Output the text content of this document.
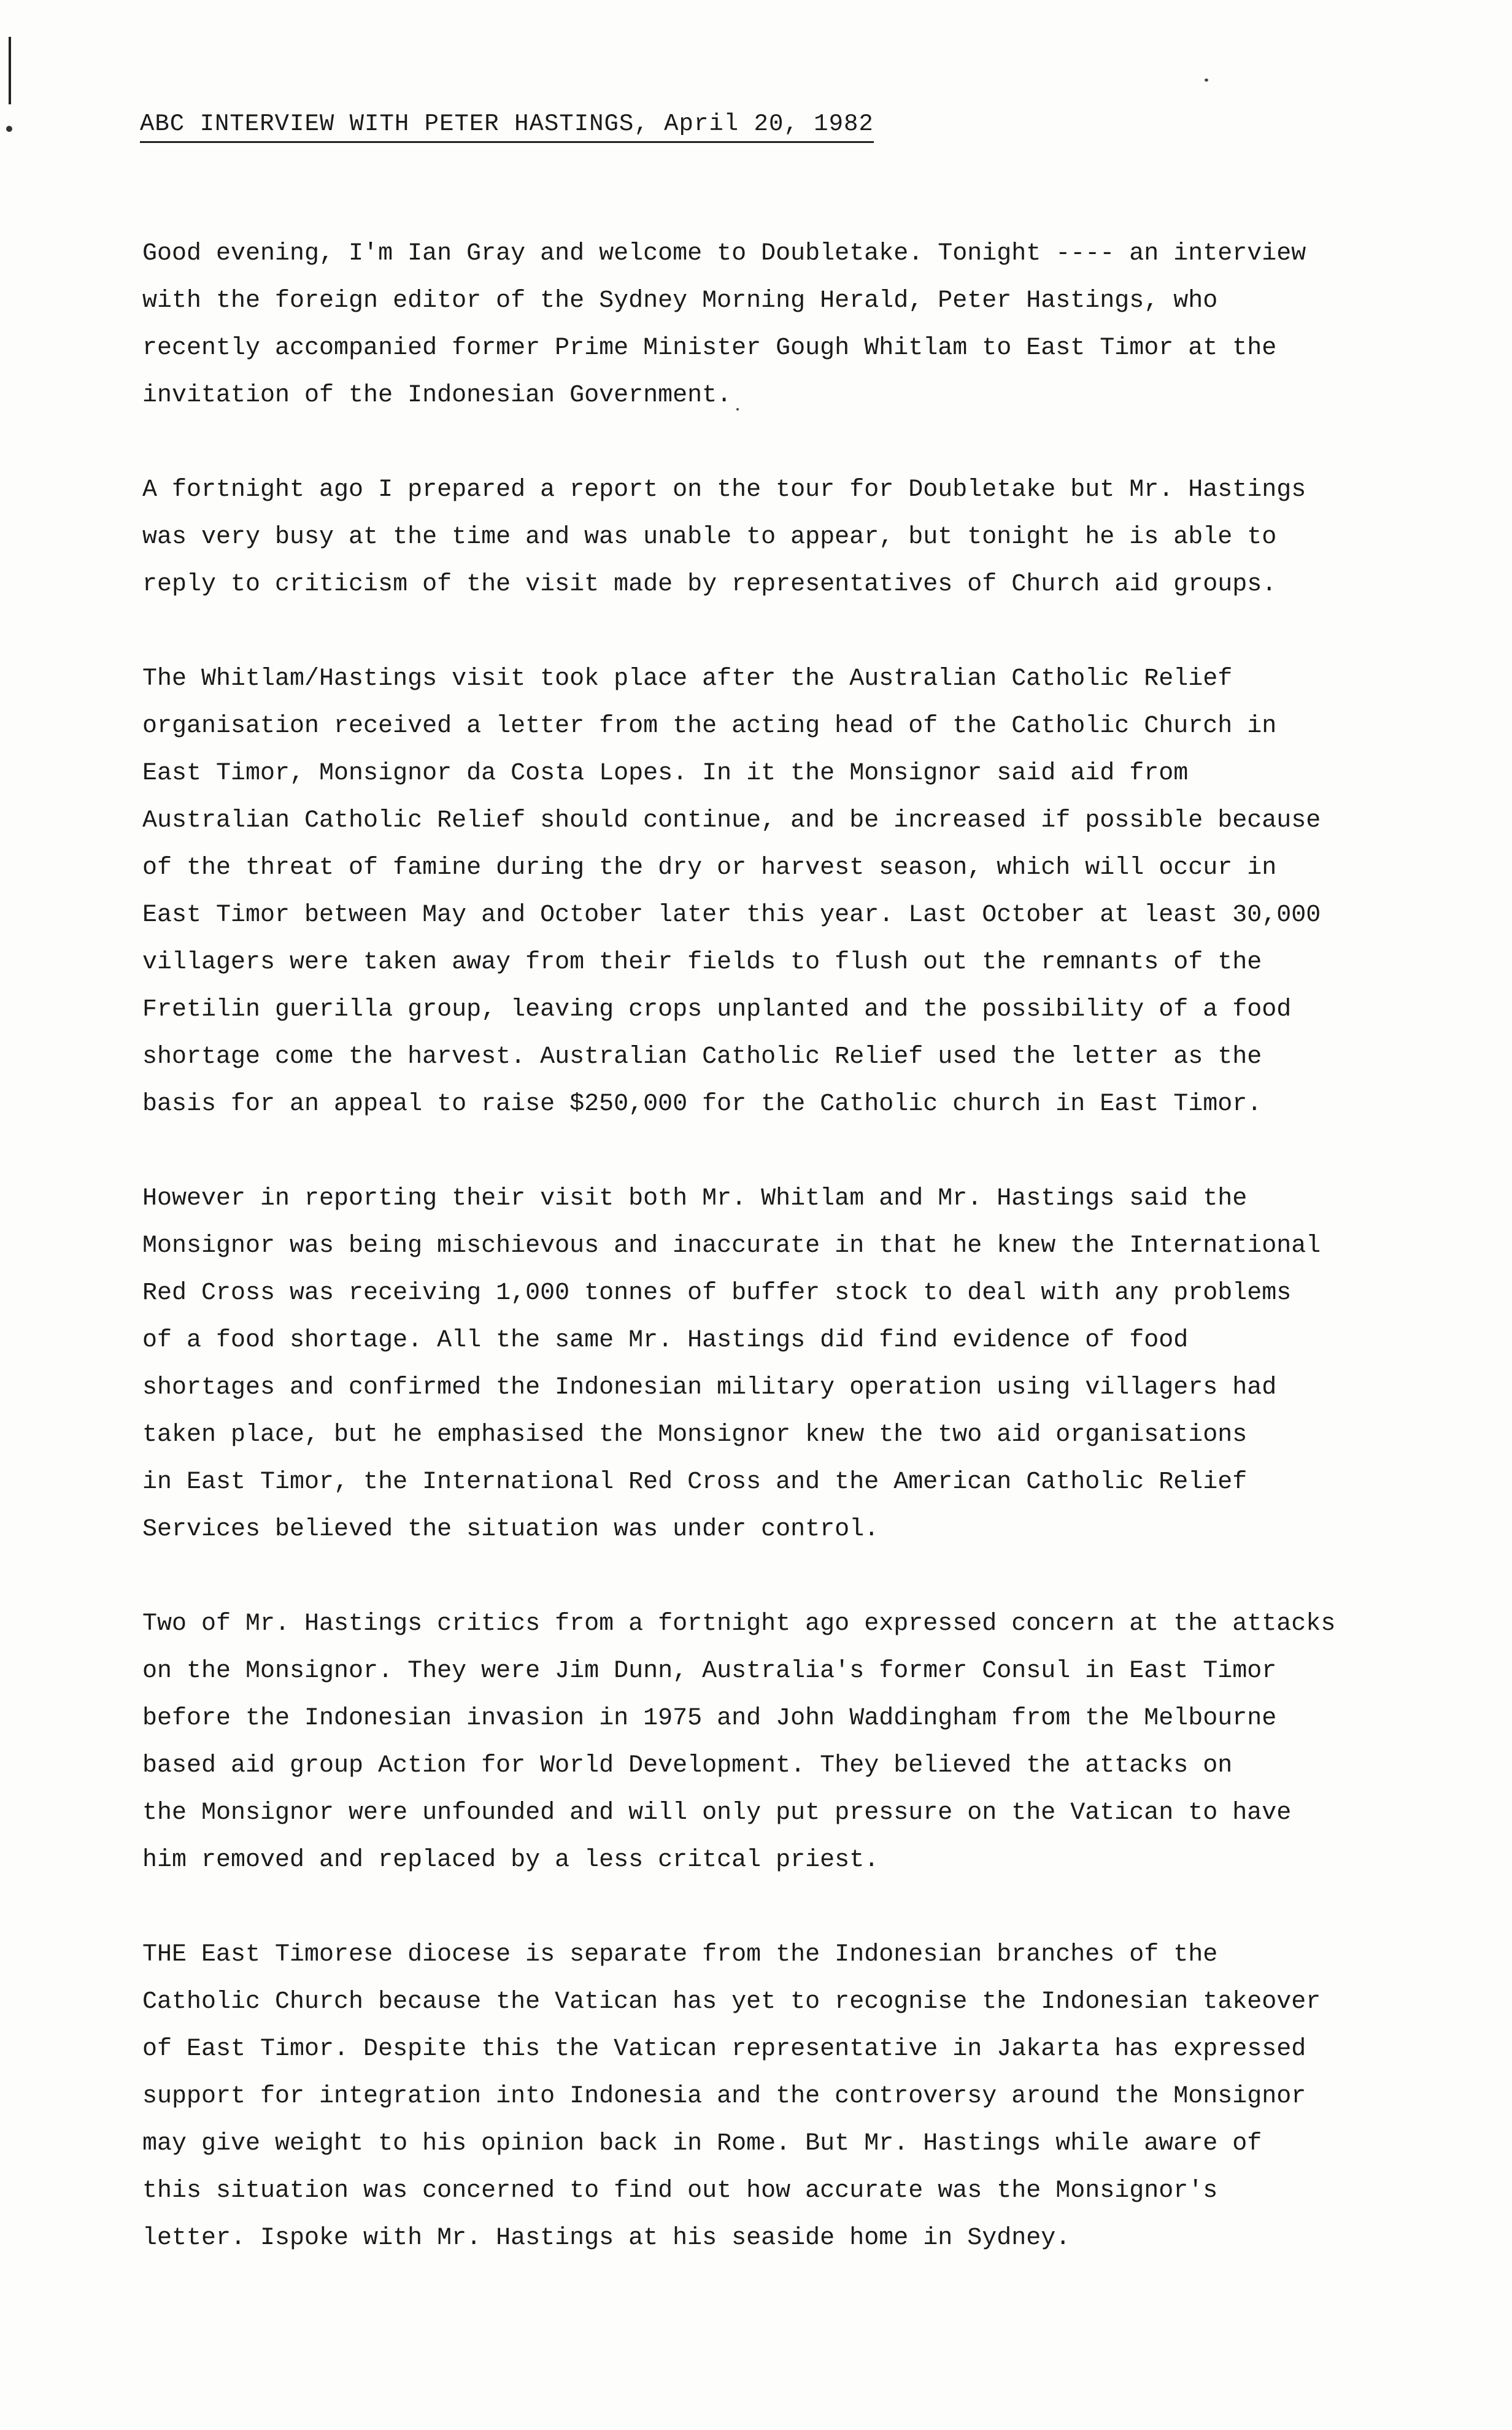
ABC INTERVIEW WITH PETER HASTINGS, April 20, 1982

Good evening, I'm Ian Gray and welcome to Doubletake. Tonight ---- an interview
with the foreign editor of the Sydney Morning Herald, Peter Hastings, who
recently accompanied former Prime Minister Gough Whitlam to East Timor at the
invitation of the Indonesian Government.

A fortnight ago I prepared a report on the tour for Doubletake but Mr. Hastings
was very busy at the time and was unable to appear, but tonight he is able to
reply to criticism of the visit made by representatives of Church aid groups.

The Whitlam/Hastings visit took place after the Australian Catholic Relief
organisation received a letter from the acting head of the Catholic Church in
East Timor, Monsignor da Costa Lopes. In it the Monsignor said aid from
Australian Catholic Relief should continue, and be increased if possible because
of the threat of famine during the dry or harvest season, which will occur in
East Timor between May and October later this year. Last October at least 30,000
villagers were taken away from their fields to flush out the remnants of the
Fretilin guerilla group, leaving crops unplanted and the possibility of a food
shortage come the harvest. Australian Catholic Relief used the letter as the
basis for an appeal to raise $250,000 for the Catholic church in East Timor.

However in reporting their visit both Mr. Whitlam and Mr. Hastings said the
Monsignor was being mischievous and inaccurate in that he knew the International
Red Cross was receiving 1,000 tonnes of buffer stock to deal with any problems
of a food shortage. All the same Mr. Hastings did find evidence of food
shortages and confirmed the Indonesian military operation using villagers had
taken place, but he emphasised the Monsignor knew the two aid organisations
in East Timor, the International Red Cross and the American Catholic Relief
Services believed the situation was under control.

Two of Mr. Hastings critics from a fortnight ago expressed concern at the attacks
on the Monsignor. They were Jim Dunn, Australia's former Consul in East Timor
before the Indonesian invasion in 1975 and John Waddingham from the Melbourne
based aid group Action for World Development. They believed the attacks on
the Monsignor were unfounded and will only put pressure on the Vatican to have
him removed and replaced by a less critcal priest.

THE East Timorese diocese is separate from the Indonesian branches of the
Catholic Church because the Vatican has yet to recognise the Indonesian takeover
of East Timor. Despite this the Vatican representative in Jakarta has expressed
support for integration into Indonesia and the controversy around the Monsignor
may give weight to his opinion back in Rome. But Mr. Hastings while aware of
this situation was concerned to find out how accurate was the Monsignor's
letter. Ispoke with Mr. Hastings at his seaside home in Sydney.
